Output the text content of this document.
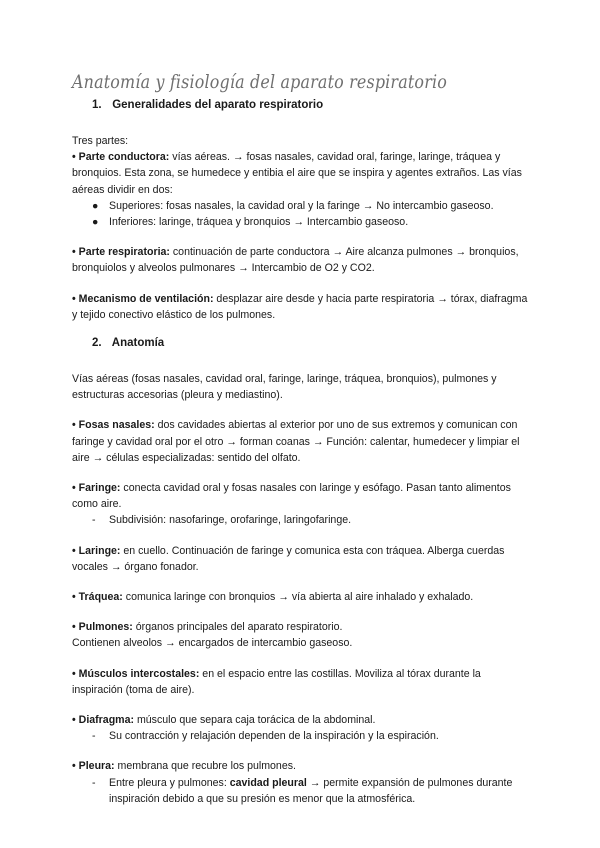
Anatomía y fisiología del aparato respiratorio
1. Generalidades del aparato respiratorio

Tres partes:

• Parte conductora: vías aéreas. → fosas nasales, cavidad oral, faringe, laringe, tráquea y bronquios. Esta zona, se humedece y entibia el aire que se inspira y agentes extraños. Las vías aéreas dividir en dos:

● Superiores: fosas nasales, la cavidad oral y la faringe → No intercambio gaseoso.
● Inferiores: laringe, tráquea y bronquios → Intercambio gaseoso.

• Parte respiratoria: continuación de parte conductora → Aire alcanza pulmones → bronquios, bronquiolos y alveolos pulmonares → Intercambio de O2 y CO2.

• Mecanismo de ventilación: desplazar aire desde y hacia parte respiratoria → tórax, diafragma y tejido conectivo elástico de los pulmones.

2. Anatomía

Vías aéreas (fosas nasales, cavidad oral, faringe, laringe, tráquea, bronquios), pulmones y estructuras accesorias (pleura y mediastino).

• Fosas nasales: dos cavidades abiertas al exterior por uno de sus extremos y comunican con faringe y cavidad oral por el otro → forman coanas → Función: calentar, humedecer y limpiar el aire → células especializadas: sentido del olfato.

• Faringe: conecta cavidad oral y fosas nasales con laringe y esófago. Pasan tanto alimentos como aire.

- Subdivisión: nasofaringe, orofaringe, laringofaringe.

• Laringe: en cuello. Continuación de faringe y comunica esta con tráquea. Alberga cuerdas vocales → órgano fonador.

• Tráquea: comunica laringe con bronquios → vía abierta al aire inhalado y exhalado.

• Pulmones: órganos principales del aparato respiratorio.

Contienen alveolos → encargados de intercambio gaseoso.

• Músculos intercostales: en el espacio entre las costillas. Moviliza al tórax durante la inspiración (toma de aire).

• Diafragma: músculo que separa caja torácica de la abdominal.

- Su contracción y relajación dependen de la inspiración y la espiración.

• Pleura: membrana que recubre los pulmones.

- Entre pleura y pulmones: cavidad pleural → permite expansión de pulmones durante inspiración debido a que su presión es menor que la atmosférica.
